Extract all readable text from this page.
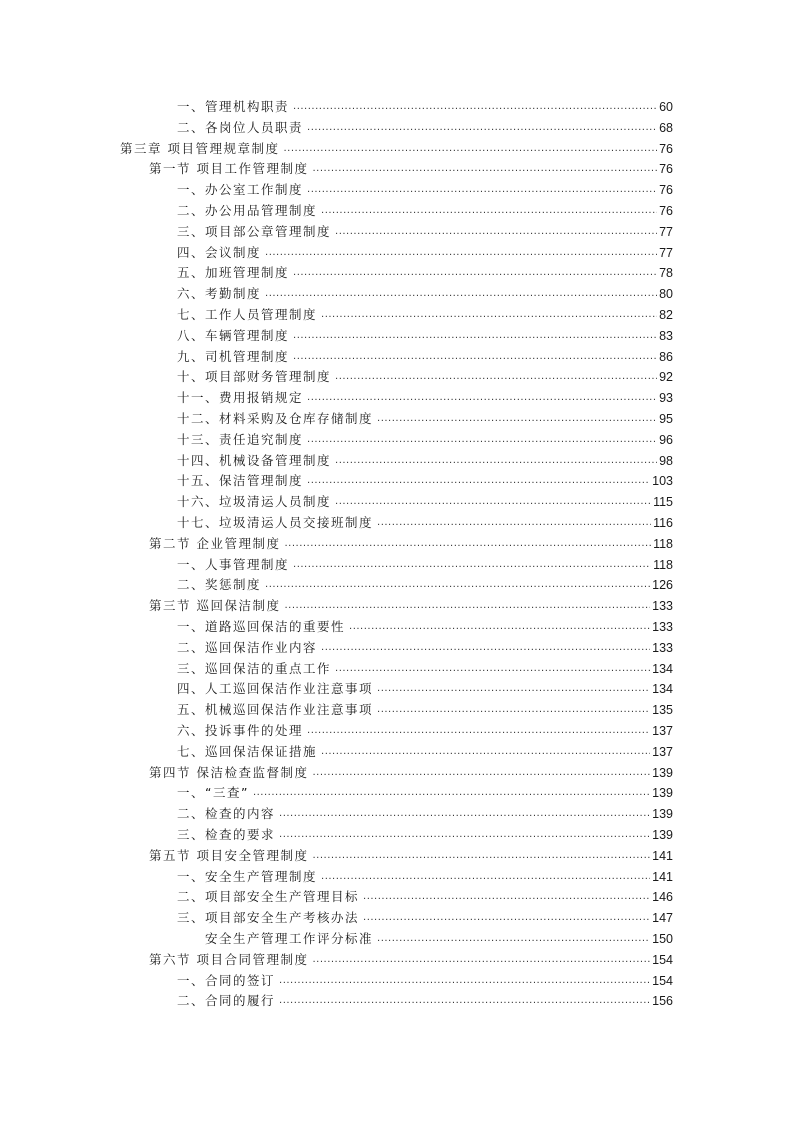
一、管理机构职责 .....	60
二、各岗位人员职责 .....	68
第三章 项目管理规章制度 .....	76
第一节 项目工作管理制度 .....	76
一、办公室工作制度 .....	76
二、办公用品管理制度 .....	76
三、项目部公章管理制度 .....	77
四、会议制度 .....	77
五、加班管理制度 .....	78
六、考勤制度 .....	80
七、工作人员管理制度 .....	82
八、车辆管理制度 .....	83
九、司机管理制度 .....	86
十、项目部财务管理制度 .....	92
十一、费用报销规定 .....	93
十二、材料采购及仓库存储制度 .....	95
十三、责任追究制度 .....	96
十四、机械设备管理制度 .....	98
十五、保洁管理制度 .....	103
十六、垃圾清运人员制度 .....	115
十七、垃圾清运人员交接班制度 .....	116
第二节 企业管理制度 .....	118
一、人事管理制度 .....	118
二、奖惩制度 .....	126
第三节 巡回保洁制度 .....	133
一、道路巡回保洁的重要性 .....	133
二、巡回保洁作业内容 .....	133
三、巡回保洁的重点工作 .....	134
四、人工巡回保洁作业注意事项 .....	134
五、机械巡回保洁作业注意事项 .....	135
六、投诉事件的处理 .....	137
七、巡回保洁保证措施 .....	137
第四节 保洁检查监督制度 .....	139
一、“三查” .....	139
二、检查的内容 .....	139
三、检查的要求 .....	139
第五节 项目安全管理制度 .....	141
一、安全生产管理制度 .....	141
二、项目部安全生产管理目标 .....	146
三、项目部安全生产考核办法 .....	147
安全生产管理工作评分标准 .....	150
第六节 项目合同管理制度 .....	154
一、合同的签订 .....	154
二、合同的履行 .....	156
